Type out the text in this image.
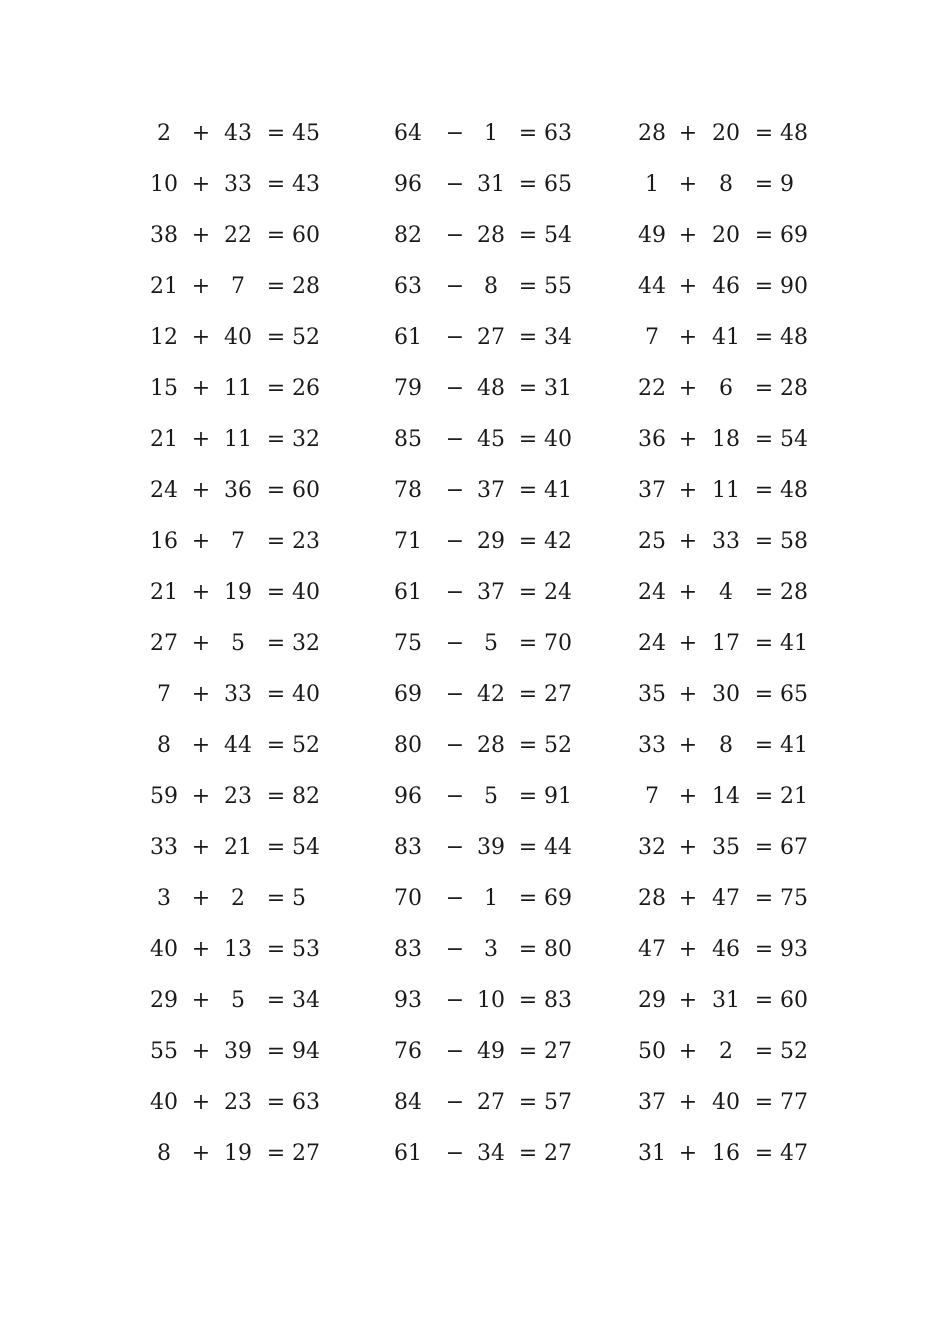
2 + 43 = 45	64	− 1 = 63	28 + 20 = 48
10 + 33 = 43	96	− 31 = 65	1 + 8 = 9
38 + 22 = 60	82	− 28 = 54	49 + 20 = 69
21 + 7 = 28	63	− 8 = 55	44 + 46 = 90
12 + 40 = 52	61	− 27 = 34	7 + 41 = 48
15 + 11 = 26	79	− 48 = 31	22 + 6 = 28
21 + 11 = 32	85	− 45 = 40	36 + 18 = 54
24 + 36 = 60	78	− 37 = 41	37 + 11 = 48
16 + 7 = 23	71	− 29 = 42	25 + 33 = 58
21 + 19 = 40	61	− 37 = 24	24 + 4 = 28
27 + 5 = 32	75	− 5 = 70	24 + 17 = 41
7 + 33 = 40	69	− 42 = 27	35 + 30 = 65
8 + 44 = 52	80	− 28 = 52	33 + 8 = 41
59 + 23 = 82	96	− 5 = 91	7 + 14 = 21
33 + 21 = 54	83	− 39 = 44	32 + 35 = 67
3 + 2 = 5	70	− 1 = 69	28 + 47 = 75
40 + 13 = 53	83	− 3 = 80	47 + 46 = 93
29 + 5 = 34	93	− 10 = 83	29 + 31 = 60
55 + 39 = 94	76	− 49 = 27	50 + 2 = 52
40 + 23 = 63	84	− 27 = 57	37 + 40 = 77
8 + 19 = 27	61	− 34 = 27	31 + 16 = 47
